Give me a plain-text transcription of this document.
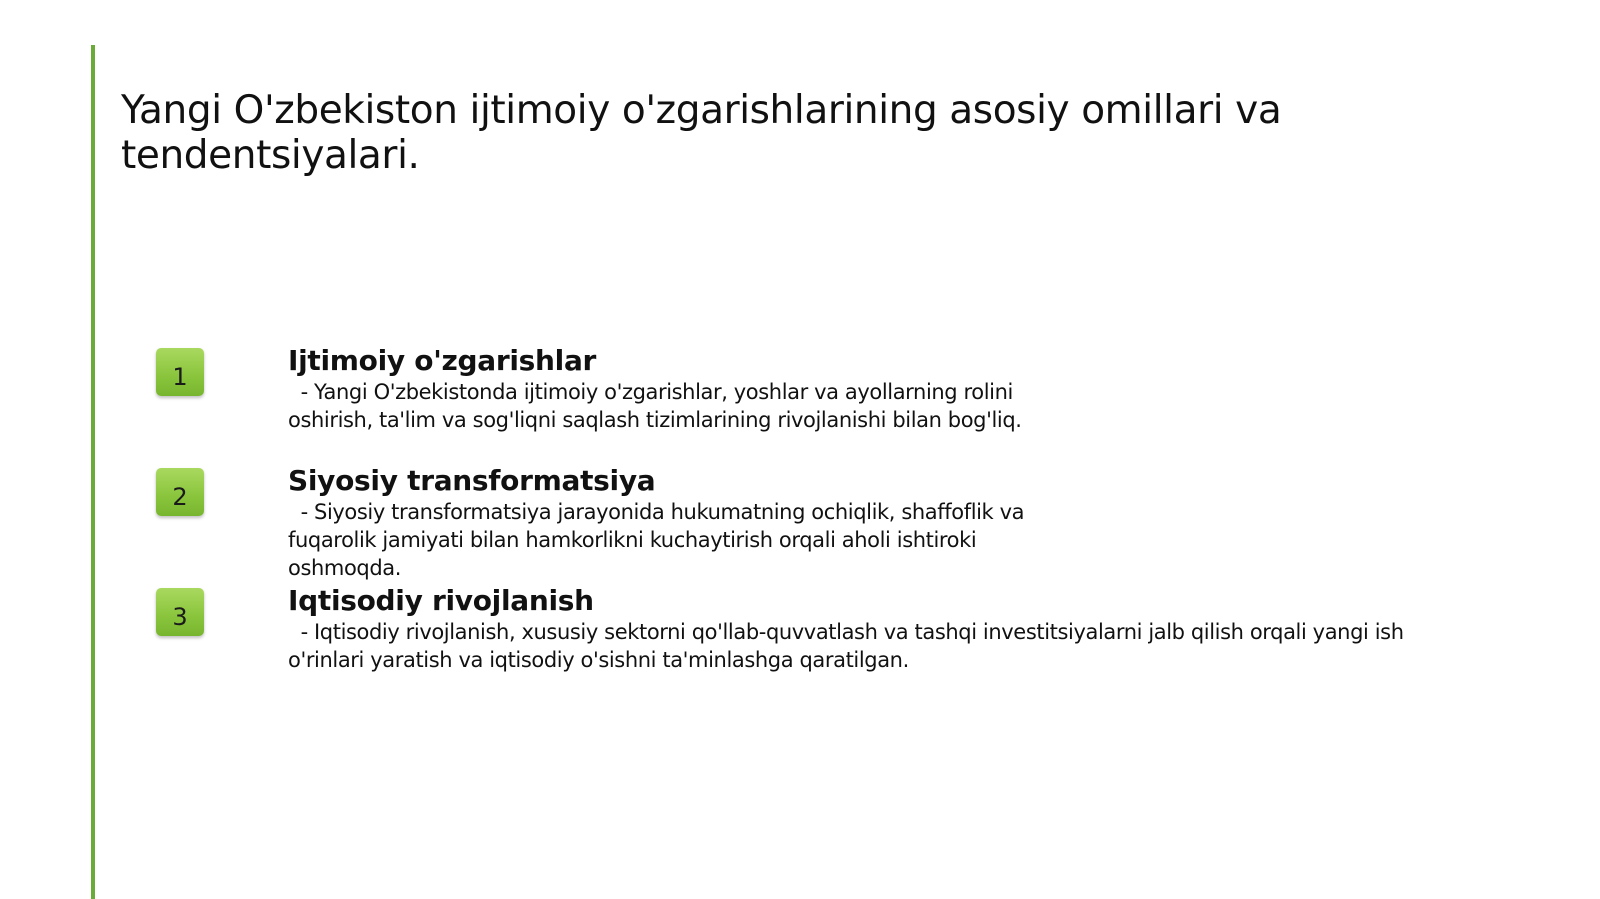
Yangi O'zbekiston ijtimoiy o'zgarishlarining asosiy omillari va tendentsiyalari.
1	Ijtimoiy o'zgarishlar

- Yangi O'zbekistonda ijtimoiy o'zgarishlar, yoshlar va ayollarning rolini oshirish, ta'lim va sog'liqni saqlash tizimlarining rivojlanishi bilan bog'liq.

2	Siyosiy transformatsiya

- Siyosiy transformatsiya jarayonida hukumatning ochiqlik, shaffoflik va fuqarolik jamiyati bilan hamkorlikni kuchaytirish orqali aholi ishtiroki oshmoqda.

3	Iqtisodiy rivojlanish

- Iqtisodiy rivojlanish, xususiy sektorni qo'llab-quvvatlash va tashqi investitsiyalarni jalb qilish orqali yangi ish o'rinlari yaratish va iqtisodiy o'sishni ta'minlashga qaratilgan.
